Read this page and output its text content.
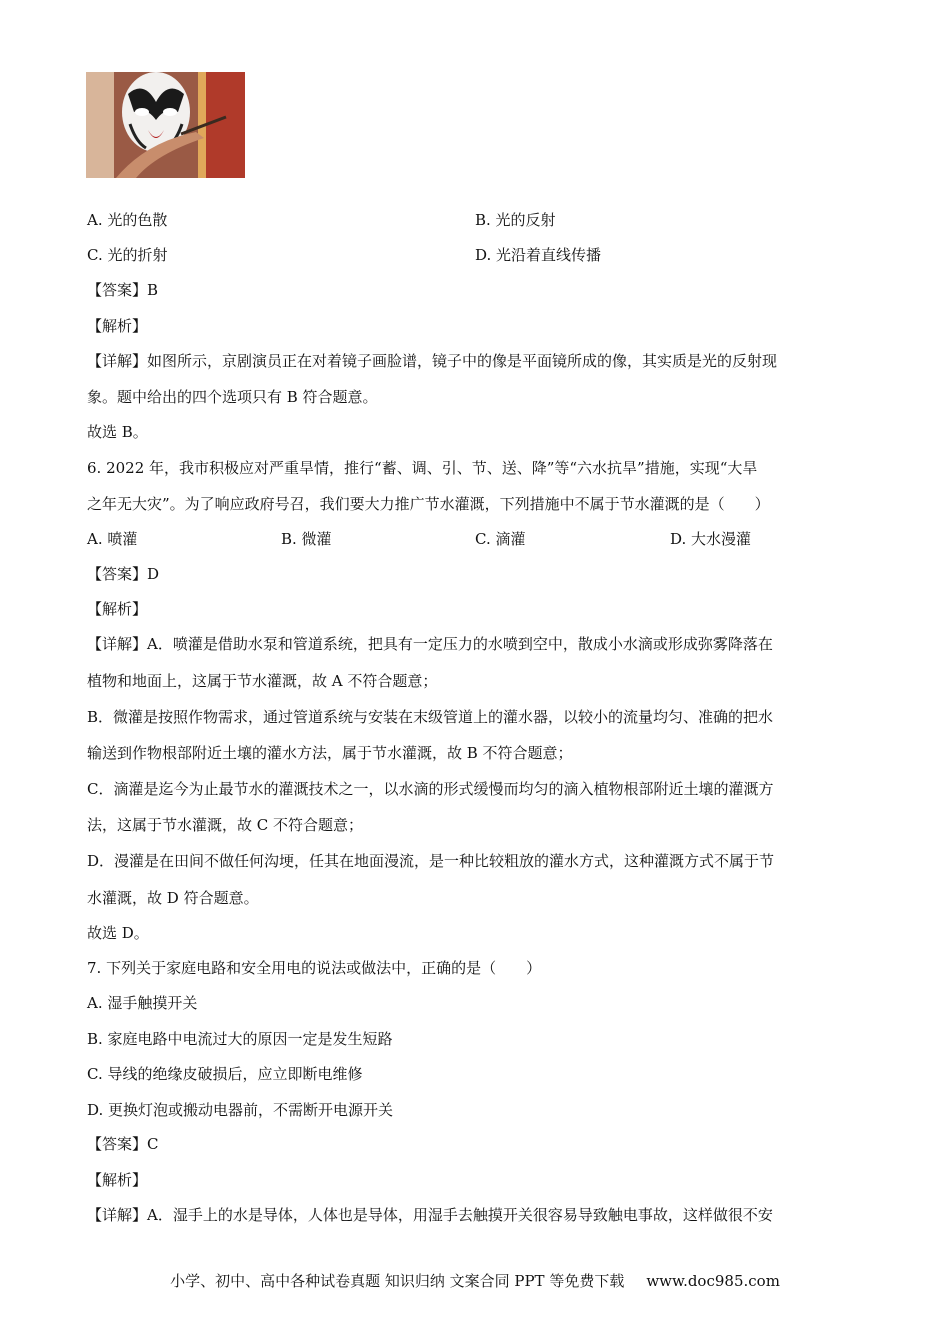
A. 光的色散	B. 光的反射
C. 光的折射	D. 光沿着直线传播
【答案】B
【解析】
【详解】如图所示，京剧演员正在对着镜子画脸谱，镜子中的像是平面镜所成的像，其实质是光的反射现
象。题中给出的四个选项只有 B 符合题意。
故选 B。
6. 2022 年，我市积极应对严重旱情，推行“蓄、调、引、节、送、降”等“六水抗旱”措施，实现“大旱
之年无大灾”。为了响应政府号召，我们要大力推广节水灌溉，下列措施中不属于节水灌溉的是（　　）
A. 喷灌	B. 微灌	C. 滴灌	D. 大水漫灌
【答案】D
【解析】
【详解】A．喷灌是借助水泵和管道系统，把具有一定压力的水喷到空中，散成小水滴或形成弥雾降落在
植物和地面上，这属于节水灌溉，故 A 不符合题意；
B．微灌是按照作物需求，通过管道系统与安装在末级管道上的灌水器，以较小的流量均匀、准确的把水
输送到作物根部附近土壤的灌水方法，属于节水灌溉，故 B 不符合题意；
C．滴灌是迄今为止最节水的灌溉技术之一，以水滴的形式缓慢而均匀的滴入植物根部附近土壤的灌溉方
法，这属于节水灌溉，故 C 不符合题意；
D．漫灌是在田间不做任何沟埂，任其在地面漫流，是一种比较粗放的灌水方式，这种灌溉方式不属于节
水灌溉，故 D 符合题意。
故选 D。
7. 下列关于家庭电路和安全用电的说法或做法中，正确的是（　　）
A. 湿手触摸开关
B. 家庭电路中电流过大的原因一定是发生短路
C. 导线的绝缘皮破损后，应立即断电维修
D. 更换灯泡或搬动电器前，不需断开电源开关
【答案】C
【解析】
【详解】A．湿手上的水是导体，人体也是导体，用湿手去触摸开关很容易导致触电事故，这样做很不安
小学、初中、高中各种试卷真题 知识归纳 文案合同 PPT 等免费下载 www.doc985.com
